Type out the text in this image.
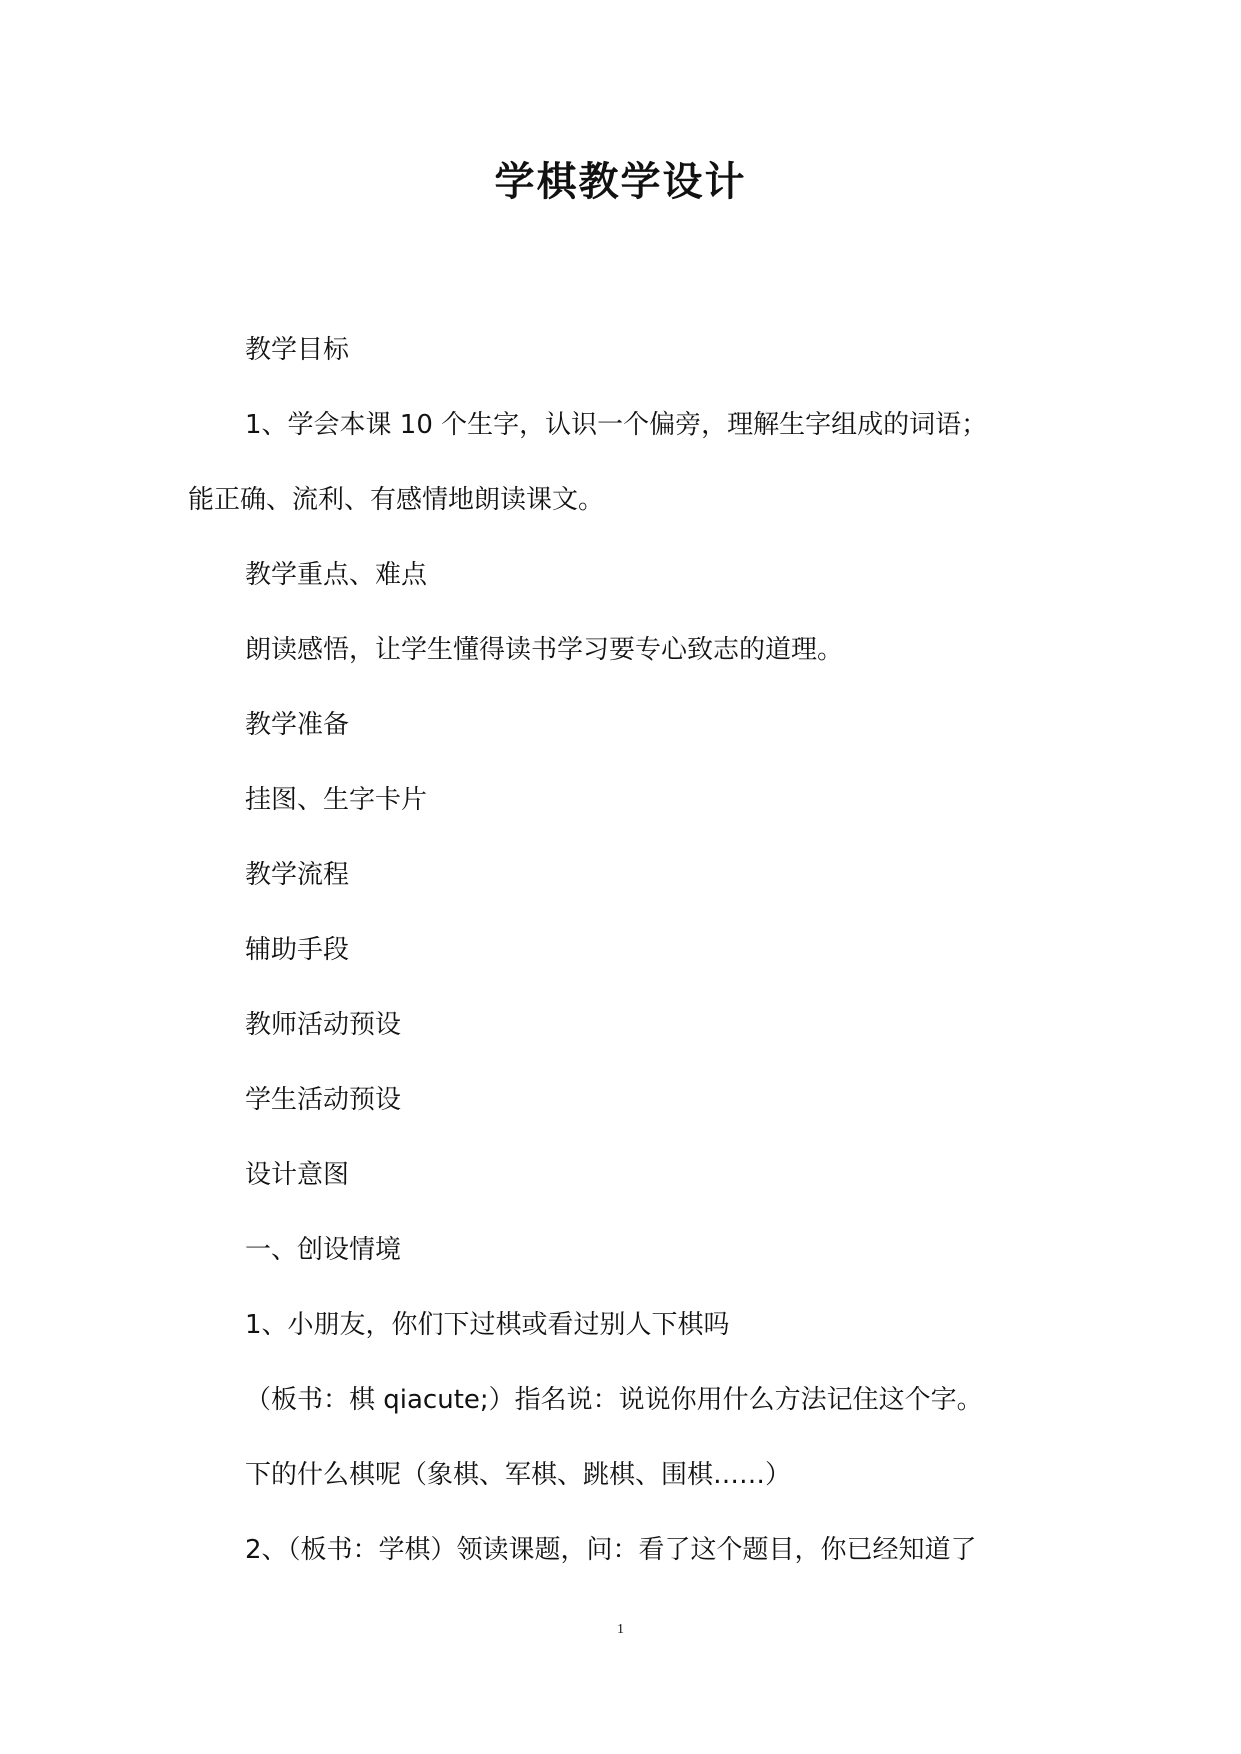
学棋教学设计

教学目标

1、学会本课 10 个生字，认识一个偏旁，理解生字组成的词语；

能正确、流利、有感情地朗读课文。

教学重点、难点

朗读感悟，让学生懂得读书学习要专心致志的道理。

教学准备

挂图、生字卡片

教学流程

辅助手段

教师活动预设

学生活动预设

设计意图

一、创设情境

1、小朋友，你们下过棋或看过别人下棋吗

（板书：棋 qiacute;）指名说：说说你用什么方法记住这个字。

下的什么棋呢（象棋、军棋、跳棋、围棋……）

2、（板书：学棋）领读课题，问：看了这个题目，你已经知道了

1
